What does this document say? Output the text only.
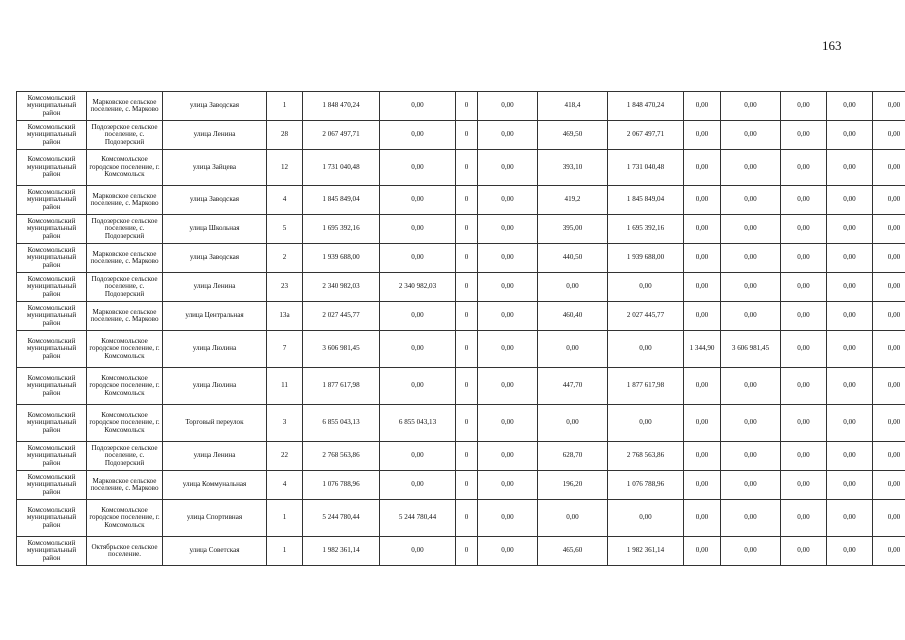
163
Комсомольский муниципальный район	Марковское сельское поселение, с. Марково	улица Заводская	1	1 848 470,24	0,00	0	0,00	418,4	1 848 470,24	0,00	0,00	0,00	0,00	0,00
Комсомольский муниципальный район	Подозерское сельское поселение, с. Подозерский	улица Ленина	28	2 067 497,71	0,00	0	0,00	469,50	2 067 497,71	0,00	0,00	0,00	0,00	0,00
Комсомольский муниципальный район	Комсомольское городское поселение, г. Комсомольск	улица Зайцева	12	1 731 040,48	0,00	0	0,00	393,10	1 731 040,48	0,00	0,00	0,00	0,00	0,00
Комсомольский муниципальный район	Марковское сельское поселение, с. Марково	улица Заводская	4	1 845 849,04	0,00	0	0,00	419,2	1 845 849,04	0,00	0,00	0,00	0,00	0,00
Комсомольский муниципальный район	Подозерское сельское поселение, с. Подозерский	улица Школьная	5	1 695 392,16	0,00	0	0,00	395,00	1 695 392,16	0,00	0,00	0,00	0,00	0,00
Комсомольский муниципальный район	Марковское сельское поселение, с. Марково	улица Заводская	2	1 939 688,00	0,00	0	0,00	440,50	1 939 688,00	0,00	0,00	0,00	0,00	0,00
Комсомольский муниципальный район	Подозерское сельское поселение, с. Подозерский	улица Ленина	23	2 340 982,03	2 340 982,03	0	0,00	0,00	0,00	0,00	0,00	0,00	0,00	0,00
Комсомольский муниципальный район	Марковское сельское поселение, с. Марково	улица Центральная	13а	2 027 445,77	0,00	0	0,00	460,40	2 027 445,77	0,00	0,00	0,00	0,00	0,00
Комсомольский муниципальный район	Комсомольское городское поселение, г. Комсомольск	улица Люлина	7	3 606 981,45	0,00	0	0,00	0,00	0,00	1 344,90	3 606 981,45	0,00	0,00	0,00
Комсомольский муниципальный район	Комсомольское городское поселение, г. Комсомольск	улица Люлина	11	1 877 617,98	0,00	0	0,00	447,70	1 877 617,98	0,00	0,00	0,00	0,00	0,00
Комсомольский муниципальный район	Комсомольское городское поселение, г. Комсомольск	Торговый переулок	3	6 855 043,13	6 855 043,13	0	0,00	0,00	0,00	0,00	0,00	0,00	0,00	0,00
Комсомольский муниципальный район	Подозерское сельское поселение, с. Подозерский	улица Ленина	22	2 768 563,86	0,00	0	0,00	628,70	2 768 563,86	0,00	0,00	0,00	0,00	0,00
Комсомольский муниципальный район	Марковское сельское поселение, с. Марково	улица Коммунальная	4	1 076 788,96	0,00	0	0,00	196,20	1 076 788,96	0,00	0,00	0,00	0,00	0,00
Комсомольский муниципальный район	Комсомольское городское поселение, г. Комсомольск	улица Спортивная	1	5 244 780,44	5 244 780,44	0	0,00	0,00	0,00	0,00	0,00	0,00	0,00	0,00
Комсомольский муниципальный район	Октябрьское сельское поселение.	улица Советская	1	1 982 361,14	0,00	0	0,00	465,60	1 982 361,14	0,00	0,00	0,00	0,00	0,00
